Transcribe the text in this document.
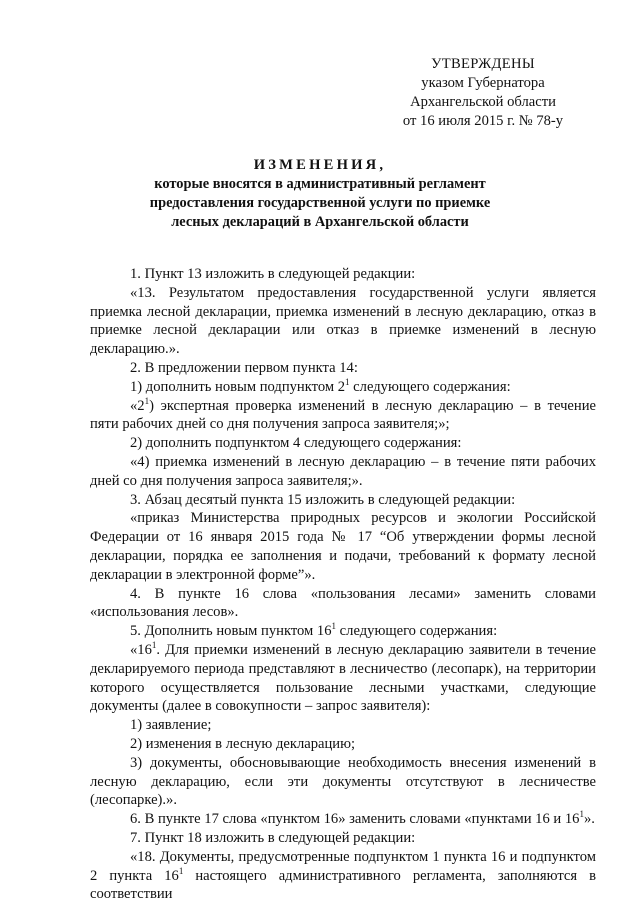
УТВЕРЖДЕНЫ
указом Губернатора
Архангельской области
от 16 июля 2015 г. № 78-у
ИЗМЕНЕНИЯ,
которые вносятся в административный регламент
предоставления государственной услуги по приемке
лесных деклараций в Архангельской области

1. Пункт 13 изложить в следующей редакции:

«13. Результатом предоставления государственной услуги является приемка лесной декларации, приемка изменений в лесную декларацию, отказ в приемке лесной декларации или отказ в приемке изменений в лесную декларацию.».

2. В предложении первом пункта 14:

1) дополнить новым подпунктом $2^1$ следующего содержания:

«$2^1$) экспертная проверка изменений в лесную декларацию – в течение пяти рабочих дней со дня получения запроса заявителя;»;

2) дополнить подпунктом 4 следующего содержания:

«4) приемка изменений в лесную декларацию – в течение пяти рабочих дней со дня получения запроса заявителя;».

3. Абзац десятый пункта 15 изложить в следующей редакции:

«приказ Министерства природных ресурсов и экологии Российской Федерации от 16 января 2015 года № 17 “Об утверждении формы лесной декларации, порядка ее заполнения и подачи, требований к формату лесной декларации в электронной форме”».

4. В пункте 16 слова «пользования лесами» заменить словами «использования лесов».

5. Дополнить новым пунктом $16^1$ следующего содержания:

«$16^1$. Для приемки изменений в лесную декларацию заявители в течение декларируемого периода представляют в лесничество (лесопарк), на территории которого осуществляется пользование лесными участками, следующие документы (далее в совокупности – запрос заявителя):

1) заявление;

2) изменения в лесную декларацию;

3) документы, обосновывающие необходимость внесения изменений в лесную декларацию, если эти документы отсутствуют в лесничестве (лесопарке).».

6. В пункте 17 слова «пунктом 16» заменить словами «пунктами 16 и $16^1$».

7. Пункт 18 изложить в следующей редакции:

«18. Документы, предусмотренные подпунктом 1 пункта 16 и подпунктом 2 пункта $16^1$ настоящего административного регламента, заполняются в соответствии
